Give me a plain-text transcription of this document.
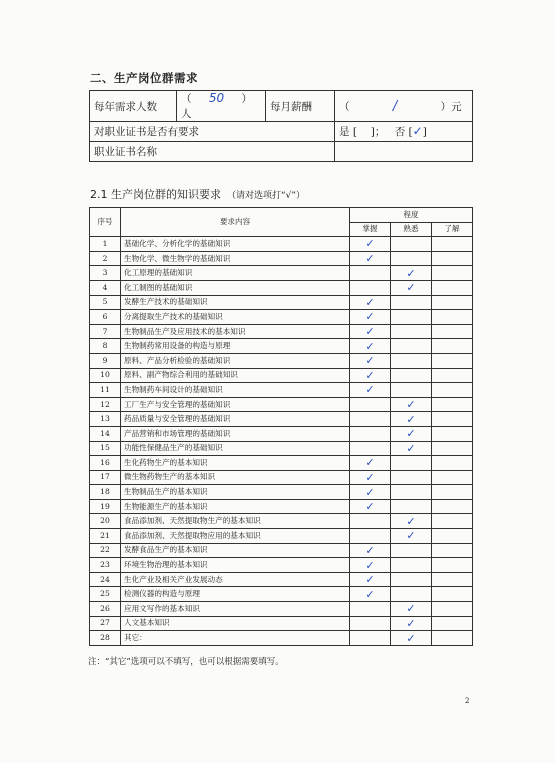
二、生产岗位群需求
每年需求人数	（ 50 ）人	每月薪酬	（ / ）元
对职业证书是否有要求			是 [　 ]； 否 [✓]
职业证书名称			
2.1 生产岗位群的知识要求 （请对选项打“√”）
序号	要求内容	程度		
		掌握	熟悉	了解
1	基础化学、分析化学的基础知识	✓		
2	生物化学、微生物学的基础知识	✓		
3	化工原理的基础知识		✓	
4	化工制图的基础知识		✓	
5	发酵生产技术的基础知识	✓		
6	分离提取生产技术的基础知识	✓		
7	生物制品生产及应用技术的基本知识	✓		
8	生物制药常用设备的构造与原理	✓		
9	原料、产品分析检验的基础知识	✓		
10	原料、副产物综合利用的基础知识	✓		
11	生物制药车间设计的基础知识	✓		
12	工厂生产与安全管理的基础知识		✓	
13	药品质量与安全管理的基础知识		✓	
14	产品营销和市场管理的基础知识		✓	
15	功能性保健品生产的基础知识		✓	
16	生化药物生产的基本知识	✓		
17	微生物药物生产的基本知识	✓		
18	生物制品生产的基本知识	✓		
19	生物能源生产的基本知识	✓		
20	食品添加剂、天然提取物生产的基本知识		✓	
21	食品添加剂、天然提取物应用的基本知识		✓	
22	发酵食品生产的基本知识	✓		
23	环境生物治理的基本知识	✓		
24	生化产业及相关产业发展动态	✓		
25	检测仪器的构造与原理	✓		
26	应用文写作的基本知识		✓	
27	人文基本知识		✓	
28	其它：		✓	
注：“其它”选项可以不填写，也可以根据需要填写。
2
